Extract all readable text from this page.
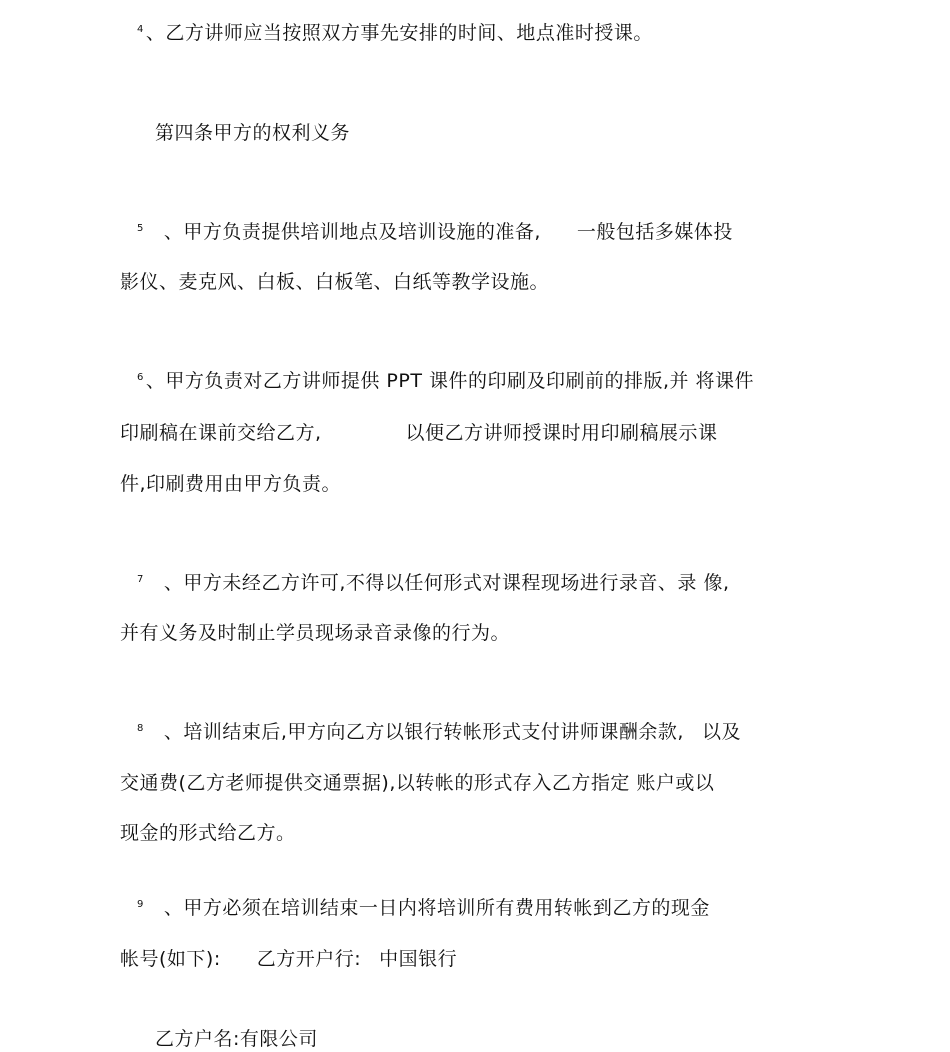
4 、乙方讲师应当按照双方事先安排的时间、地点准时授课。
第四条甲方的权利义务
5 、甲方负责提供培训地点及培训设施的准备, 一般包括多媒体投
影仪、麦克风、白板、白板笔、白纸等教学设施。
6 、甲方负责对乙方讲师提供 PPT 课件的印刷及印刷前的排版,并 将课件
印刷稿在课前交给乙方,	以便乙方讲师授课时用印刷稿展示课
件,印刷费用由甲方负责。
7 、甲方未经乙方许可,不得以任何形式对课程现场进行录音、录 像,
并有义务及时制止学员现场录音录像的行为。
8 、培训结束后,甲方向乙方以银行转帐形式支付讲师课酬余款, 以及
交通费(乙方老师提供交通票据),以转帐的形式存入乙方指定 账户或以
现金的形式给乙方。
9 、甲方必须在培训结束一日内将培训所有费用转帐到乙方的现金
帐号(如下): 乙方开户行: 中国银行
乙方户名:有限公司
